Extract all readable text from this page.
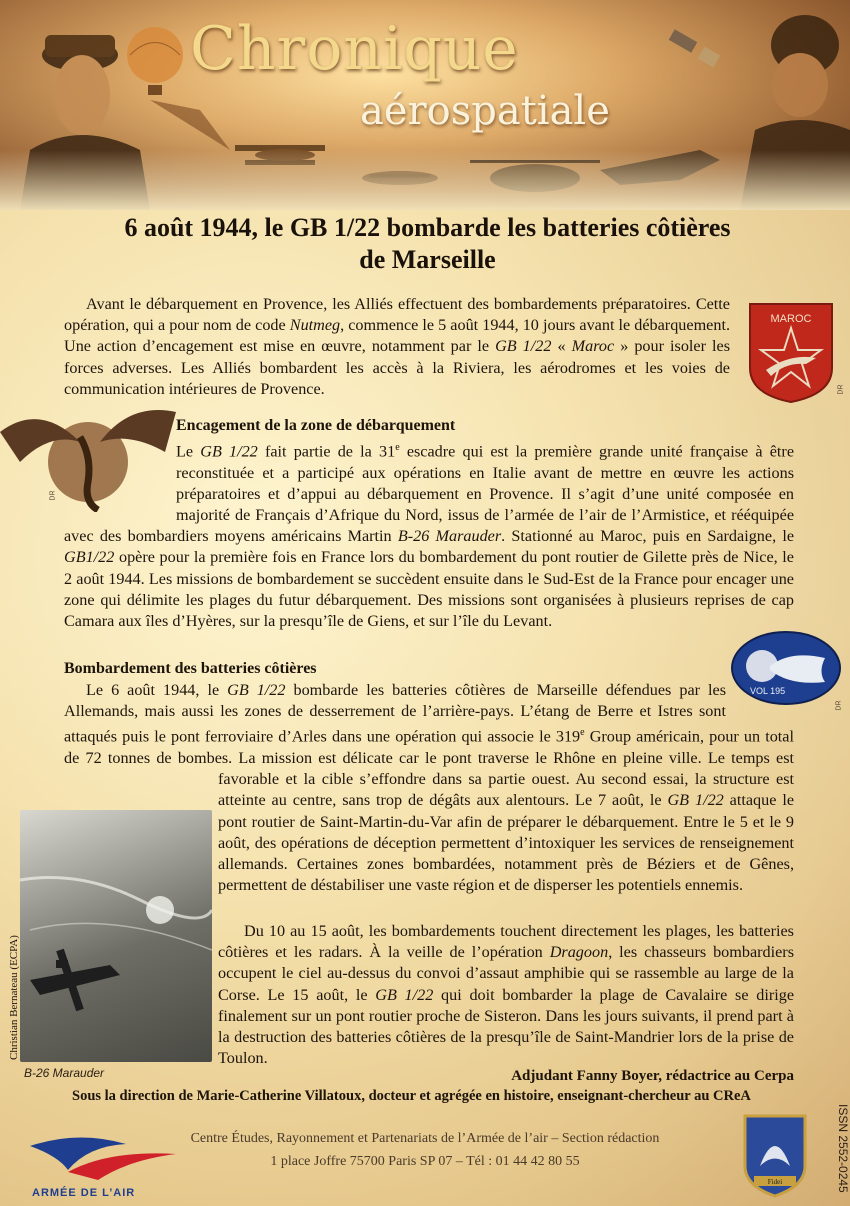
Chronique
aérospatiale
6 août 1944, le GB 1/22 bombarde les batteries côtières
de Marseille

Avant le débarquement en Provence, les Alliés effectuent des bombardements préparatoires. Cette opération, qui a pour nom de code Nutmeg, commence le 5 août 1944, 10 jours avant le débarquement. Une action d’encagement est mise en œuvre, notamment par le GB 1/22 « Maroc » pour isoler les forces adverses. Les Alliés bombardent les accès à la Riviera, les aérodromes et les voies de communication intérieures de Provence.

MAROC
DR
DR
Encagement de la zone de débarquement

Le GB 1/22 fait partie de la 31e escadre qui est la première grande unité française à être reconstituée et a participé aux opérations en Italie avant de mettre en œuvre les actions préparatoires et d’appui au débarquement en Provence. Il s’agit d’une unité composée en majorité de Français d’Afrique du Nord, issus de l’armée de l’air de l’Armistice, et rééquipée avec des bombardiers moyens américains Martin B-26 Marauder. Stationné au Maroc, puis en Sardaigne, le GB1/22 opère pour la première fois en France lors du bombardement du pont routier de Gilette près de Nice, le 2 août 1944. Les missions de bombardement se succèdent ensuite dans le Sud-Est de la France pour encager une zone qui délimite les plages du futur débarquement. Des missions sont organisées à plusieurs reprises de cap Camara aux îles d’Hyères, sur la presqu’île de Giens, et sur l’île du Levant.

Bombardement des batteries côtières

Le 6 août 1944, le GB 1/22 bombarde les batteries côtières de Marseille défendues par les Allemands, mais aussi les zones de desserrement de l’arrière-pays. L’étang de Berre et Istres sont attaqués puis le pont ferroviaire d’Arles dans une opération qui associe le 319e Group américain, pour un total de 72 tonnes de bombes. La mission est délicate car le pont traverse le Rhône en pleine ville. Le temps est favorable et la cible s’effondre dans sa partie ouest. Au second essai, la structure est atteinte au centre, sans trop de dégâts aux alentours. Le 7 août, le GB 1/22 attaque le pont routier de Saint-Martin-du-Var afin de préparer le débarquement. Entre le 5 et le 9 août, des opérations de déception permettent d’intoxiquer les services de renseignement allemands. Certaines zones bombardées, notamment près de Béziers et de Gênes, permettent de déstabiliser une vaste région et de disperser les potentiels ennemis.

VOL 195
DR
Christian Bernateau (ECPA)
B-26 Marauder

Du 10 au 15 août, les bombardements touchent directement les plages, les batteries côtières et les radars. À la veille de l’opération Dragoon, les chasseurs bombardiers occupent le ciel au-dessus du convoi d’assaut amphibie qui se rassemble au large de la Corse. Le 15 août, le GB 1/22 qui doit bombarder la plage de Cavalaire se dirige finalement sur un pont routier proche de Sisteron. Dans les jours suivants, il prend part à la destruction des batteries côtières de la presqu’île de Saint-Mandrier lors de la prise de Toulon.

Adjudant Fanny Boyer, rédactrice au Cerpa
Sous la direction de Marie-Catherine Villatoux, docteur et agrégée en histoire, enseignant-chercheur au CReA
ARMÉE DE L’AIR
Centre Études, Rayonnement et Partenariats de l’Armée de l’air – Section rédaction
1 place Joffre 75700 Paris SP 07 – Tél : 01 44 42 80 55
Fidei	ISSN 2552-0245
